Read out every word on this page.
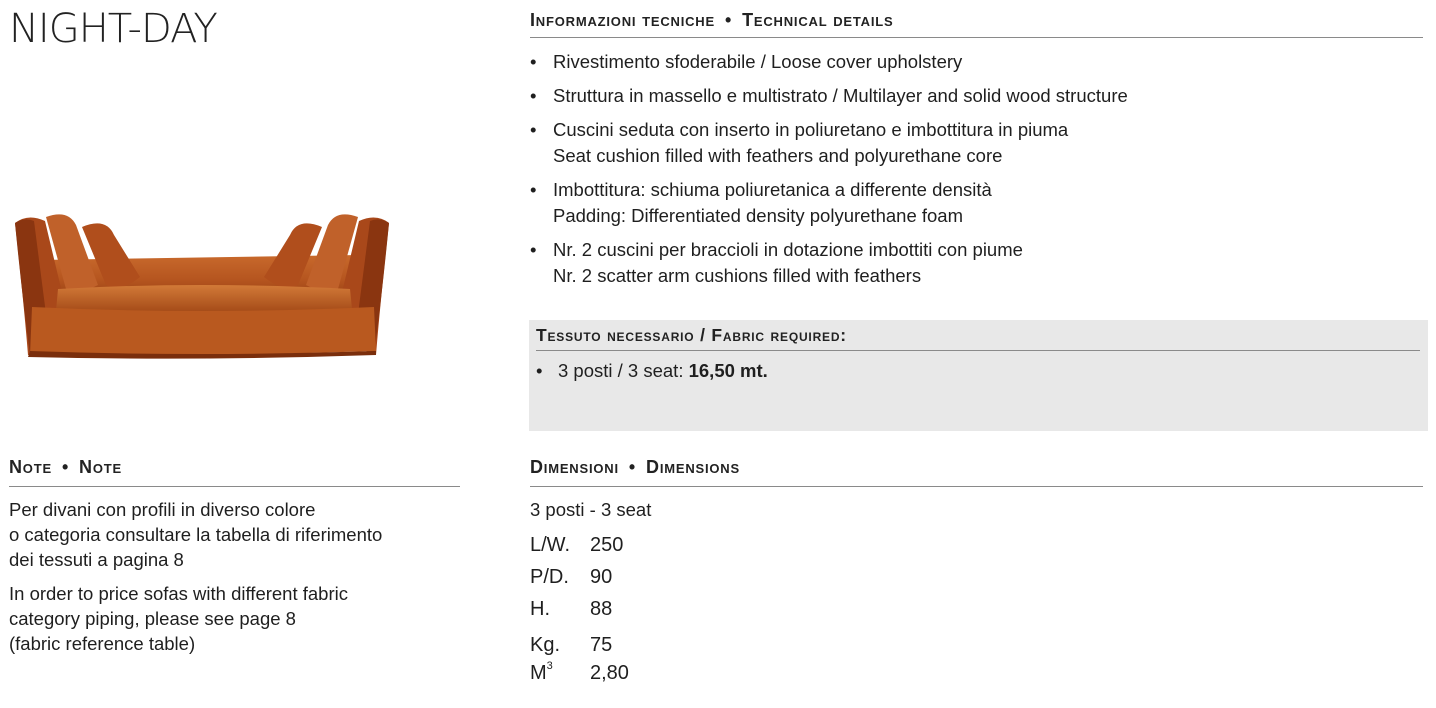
NIGHT-DAY	Informazioni tecniche • Technical details
• Rivestimento sfoderabile / Loose cover upholstery
• Struttura in massello e multistrato / Multilayer and solid wood structure
• Cuscini seduta con inserto in poliuretano e imbottitura in piuma
Seat cushion filled with feathers and polyurethane core
• Imbottitura: schiuma poliuretanica a differente densità
Padding: Differentiated density polyurethane foam
• Nr. 2 cuscini per braccioli in dotazione imbottiti con piume
Nr. 2 scatter arm cushions filled with feathers
Tessuto necessario / Fabric required:
• 3 posti / 3 seat: 16,50 mt.
Note • Note

Per divani con profili in diverso colore
o categoria consultare la tabella di riferimento
dei tessuti a pagina 8

In order to price sofas with different fabric
category piping, please see page 8
(fabric reference table)

Dimensioni • Dimensions
3 posti - 3 seat
L/W.	250
P/D.	90
H.	88
Kg.	75
$M^3$	2,80
